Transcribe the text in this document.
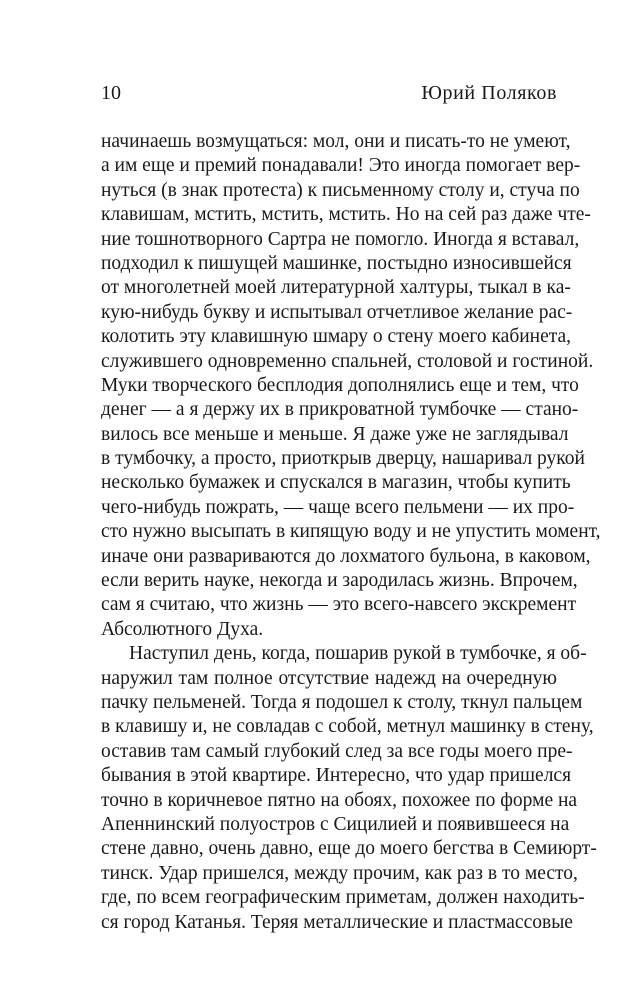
10	Юрий Поляков
начинаешь возмущаться: мол, они и писать-то не умеют,
а им еще и премий понадавали! Это иногда помогает вер-
нуться (в знак протеста) к письменному столу и, стуча по
клавишам, мстить, мстить, мстить. Но на сей раз даже чте-
ние тошнотворного Сартра не помогло. Иногда я вставал,
подходил к пишущей машинке, постыдно износившейся
от многолетней моей литературной халтуры, тыкал в ка-
кую-нибудь букву и испытывал отчетливое желание рас-
колотить эту клавишную шмару о стену моего кабинета,
служившего одновременно спальней, столовой и гостиной.
Муки творческого бесплодия дополнялись еще и тем, что
денег — а я держу их в прикроватной тумбочке — стано-
вилось все меньше и меньше. Я даже уже не заглядывал
в тумбочку, а просто, приоткрыв дверцу, нашаривал рукой
несколько бумажек и спускался в магазин, чтобы купить
чего-нибудь пожрать, — чаще всего пельмени — их про-
сто нужно высыпать в кипящую воду и не упустить момент,
иначе они развариваются до лохматого бульона, в каковом,
если верить науке, некогда и зародилась жизнь. Впрочем,
сам я считаю, что жизнь — это всего-навсего экскремент
Абсолютного Духа.
Наступил день, когда, пошарив рукой в тумбочке, я об-
наружил там полное отсутствие надежд на очередную
пачку пельменей. Тогда я подошел к столу, ткнул пальцем
в клавишу и, не совладав с собой, метнул машинку в стену,
оставив там самый глубокий след за все годы моего пре-
бывания в этой квартире. Интересно, что удар пришелся
точно в коричневое пятно на обоях, похожее по форме на
Апеннинский полуостров с Сицилией и появившееся на
стене давно, очень давно, еще до моего бегства в Семиюрт-
тинск. Удар пришелся, между прочим, как раз в то место,
где, по всем географическим приметам, должен находить-
ся город Катанья. Теряя металлические и пластмассовые
